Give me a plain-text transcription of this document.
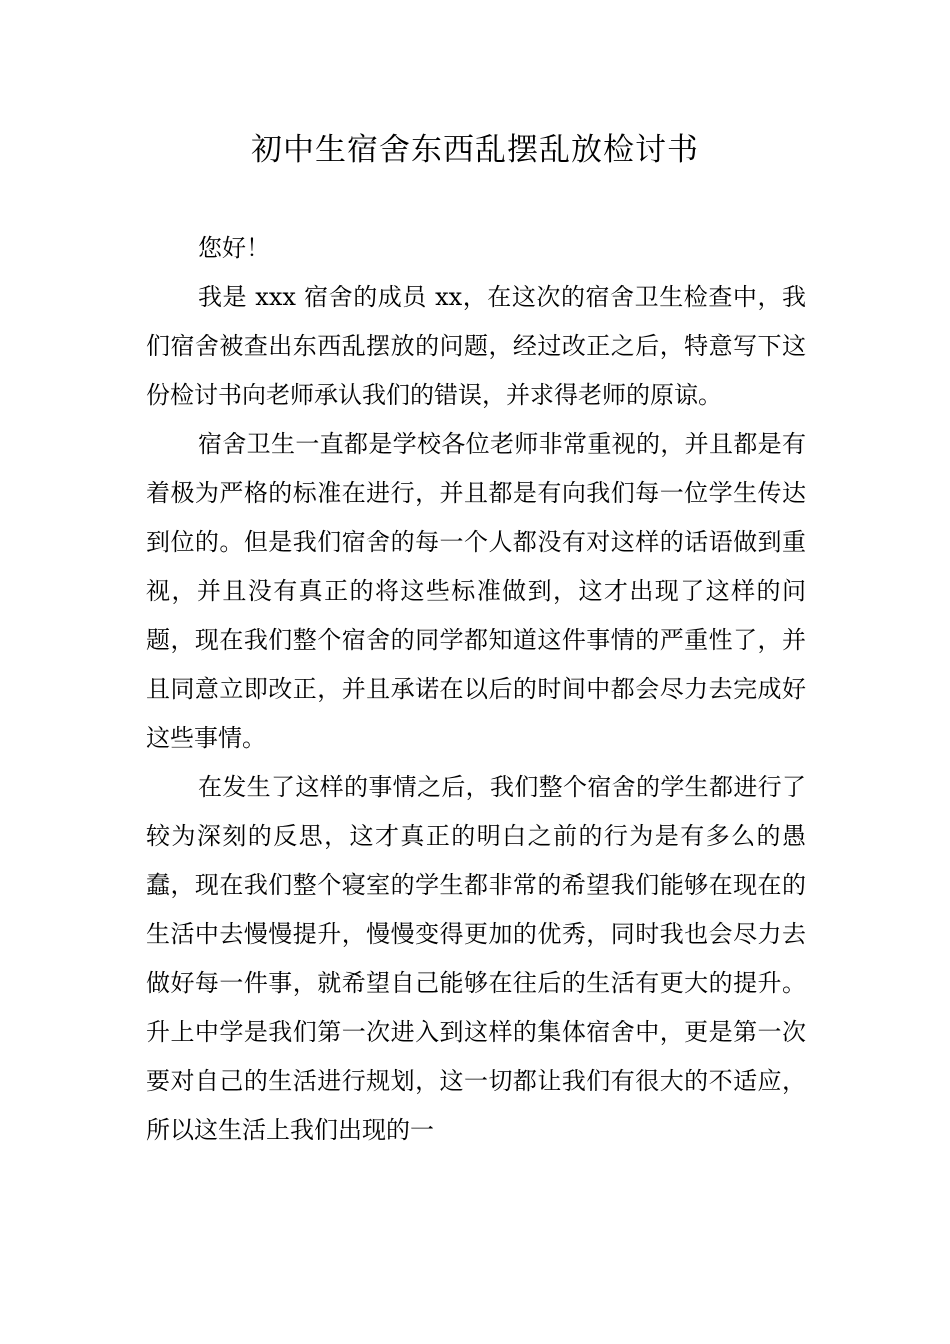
初中生宿舍东西乱摆乱放检讨书

您好！

我是 xxx 宿舍的成员 xx，在这次的宿舍卫生检查中，我们宿舍被查出东西乱摆放的问题，经过改正之后，特意写下这份检讨书向老师承认我们的错误，并求得老师的原谅。

宿舍卫生一直都是学校各位老师非常重视的，并且都是有着极为严格的标准在进行，并且都是有向我们每一位学生传达到位的。但是我们宿舍的每一个人都没有对这样的话语做到重视，并且没有真正的将这些标准做到，这才出现了这样的问题，现在我们整个宿舍的同学都知道这件事情的严重性了，并且同意立即改正，并且承诺在以后的时间中都会尽力去完成好这些事情。

在发生了这样的事情之后，我们整个宿舍的学生都进行了较为深刻的反思，这才真正的明白之前的行为是有多么的愚蠢，现在我们整个寝室的学生都非常的希望我们能够在现在的生活中去慢慢提升，慢慢变得更加的优秀，同时我也会尽力去做好每一件事，就希望自己能够在往后的生活有更大的提升。升上中学是我们第一次进入到这样的集体宿舍中，更是第一次要对自己的生活进行规划，这一切都让我们有很大的不适应，所以这生活上我们出现的一
